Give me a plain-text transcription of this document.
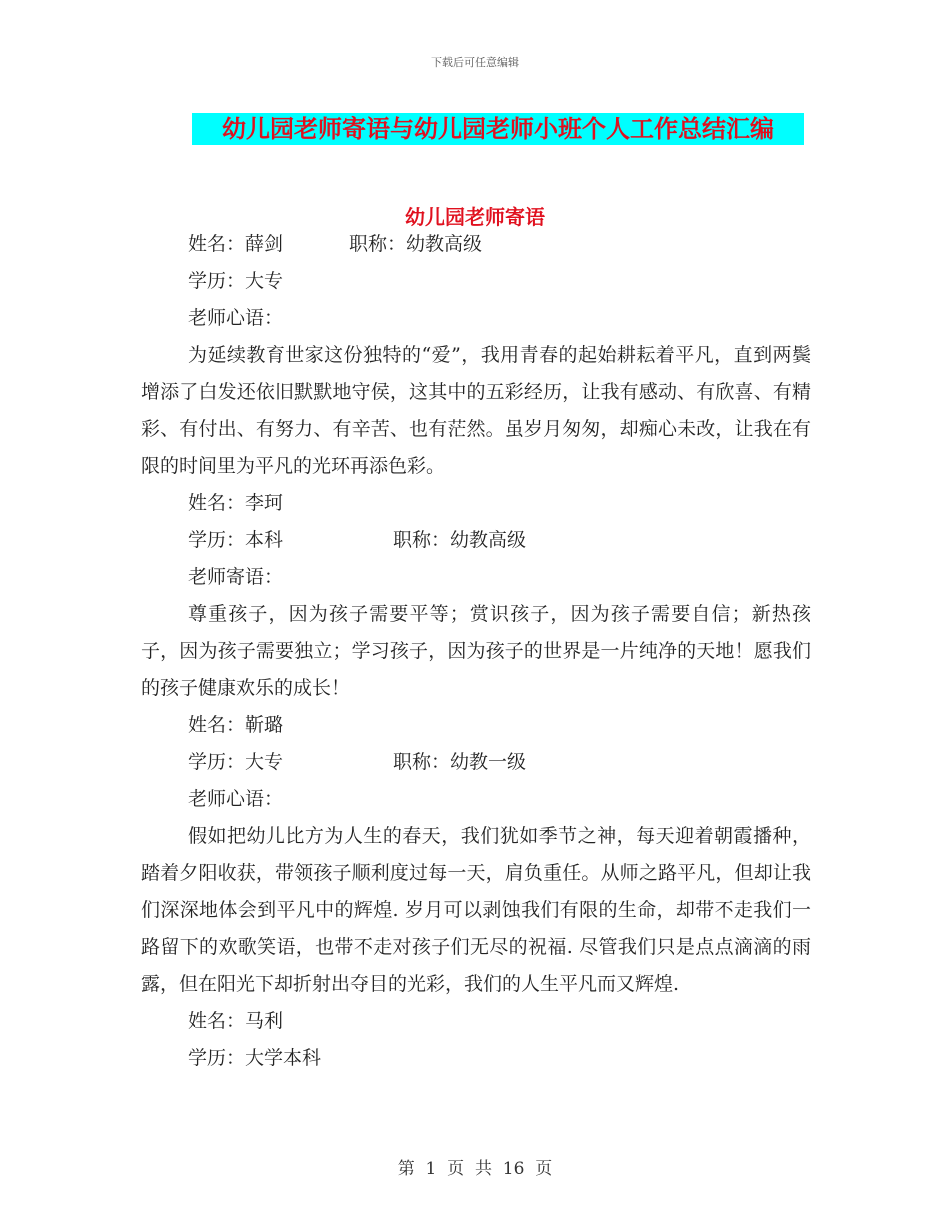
下载后可任意编辑
幼儿园老师寄语与幼儿园老师小班个人工作总结汇编
幼儿园老师寄语

姓名：薛剑	职称：幼教高级

学历：大专

老师心语：

为延续教育世家这份独特的“爱”，我用青春的起始耕耘着平凡，直到两鬓增添了白发还依旧默默地守侯，这其中的五彩经历，让我有感动、有欣喜、有精彩、有付出、有努力、有辛苦、也有茫然。虽岁月匆匆，却痴心未改，让我在有限的时间里为平凡的光环再添色彩。

姓名：李珂

学历：本科	职称：幼教高级

老师寄语：

尊重孩子，因为孩子需要平等；赏识孩子，因为孩子需要自信；新热孩子，因为孩子需要独立；学习孩子，因为孩子的世界是一片纯净的天地！愿我们的孩子健康欢乐的成长！

姓名：靳璐

学历：大专	职称：幼教一级

老师心语：

假如把幼儿比方为人生的春天，我们犹如季节之神，每天迎着朝霞播种，踏着夕阳收获，带领孩子顺利度过每一天，肩负重任。从师之路平凡，但却让我们深深地体会到平凡中的辉煌. 岁月可以剥蚀我们有限的生命，却带不走我们一路留下的欢歌笑语，也带不走对孩子们无尽的祝福. 尽管我们只是点点滴滴的雨露，但在阳光下却折射出夺目的光彩，我们的人生平凡而又辉煌.

姓名：马利

学历：大学本科

第  1  页  共  16  页
